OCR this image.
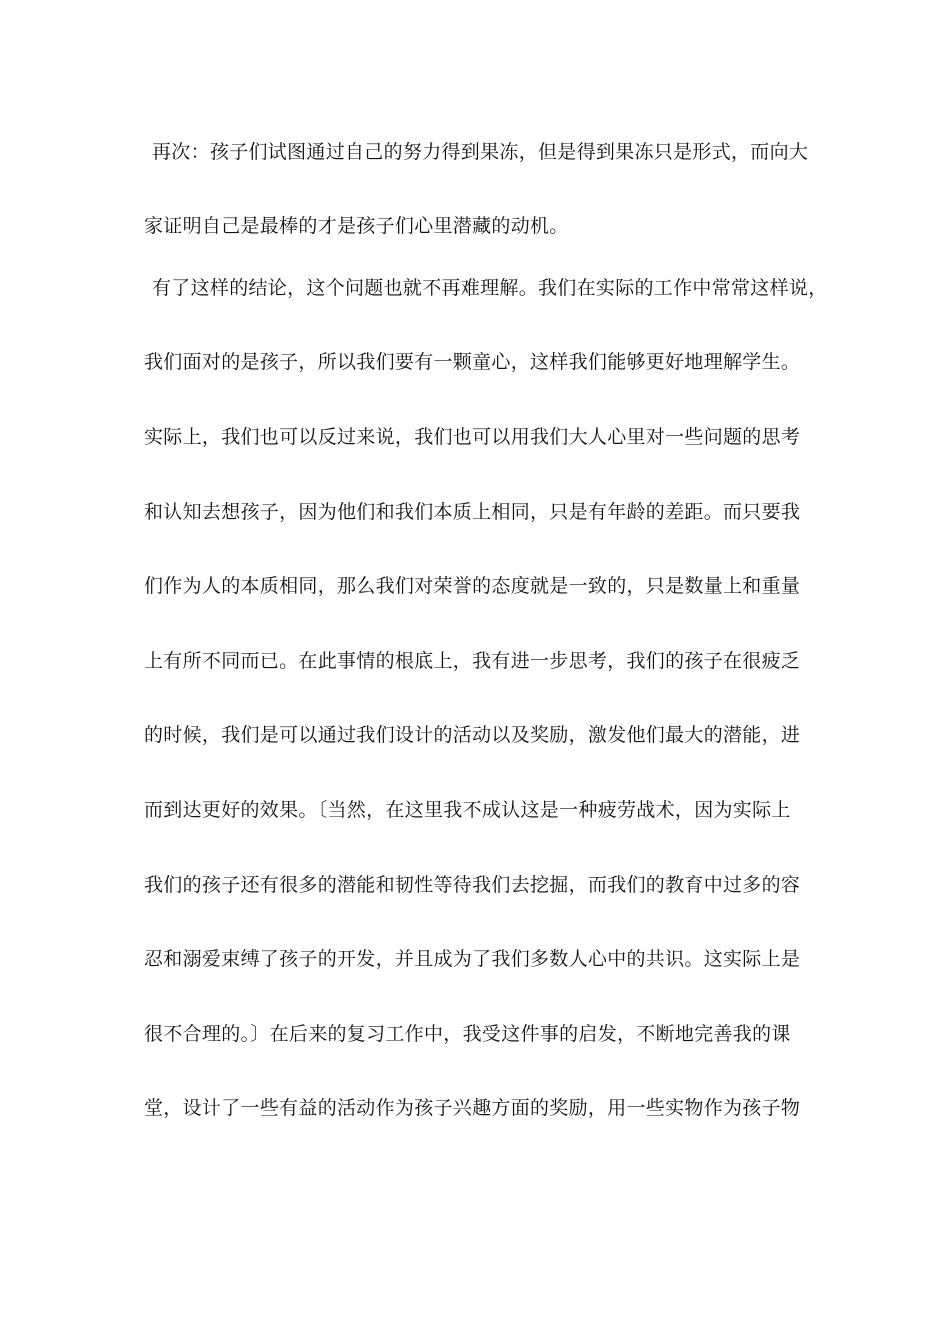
再次：孩子们试图通过自己的努力得到果冻，但是得到果冻只是形式，而向大
家证明自己是最棒的才是孩子们心里潜藏的动机。
有了这样的结论，这个问题也就不再难理解。我们在实际的工作中常常这样说，
我们面对的是孩子，所以我们要有一颗童心，这样我们能够更好地理解学生。
实际上，我们也可以反过来说，我们也可以用我们大人心里对一些问题的思考
和认知去想孩子，因为他们和我们本质上相同，只是有年龄的差距。而只要我
们作为人的本质相同，那么我们对荣誉的态度就是一致的，只是数量上和重量
上有所不同而已。在此事情的根底上，我有进一步思考，我们的孩子在很疲乏
的时候，我们是可以通过我们设计的活动以及奖励，激发他们最大的潜能，进
而到达更好的效果。〔当然，在这里我不成认这是一种疲劳战术，因为实际上
我们的孩子还有很多的潜能和韧性等待我们去挖掘，而我们的教育中过多的容
忍和溺爱束缚了孩子的开发，并且成为了我们多数人心中的共识。这实际上是
很不合理的。〕在后来的复习工作中，我受这件事的启发，不断地完善我的课
堂，设计了一些有益的活动作为孩子兴趣方面的奖励，用一些实物作为孩子物
